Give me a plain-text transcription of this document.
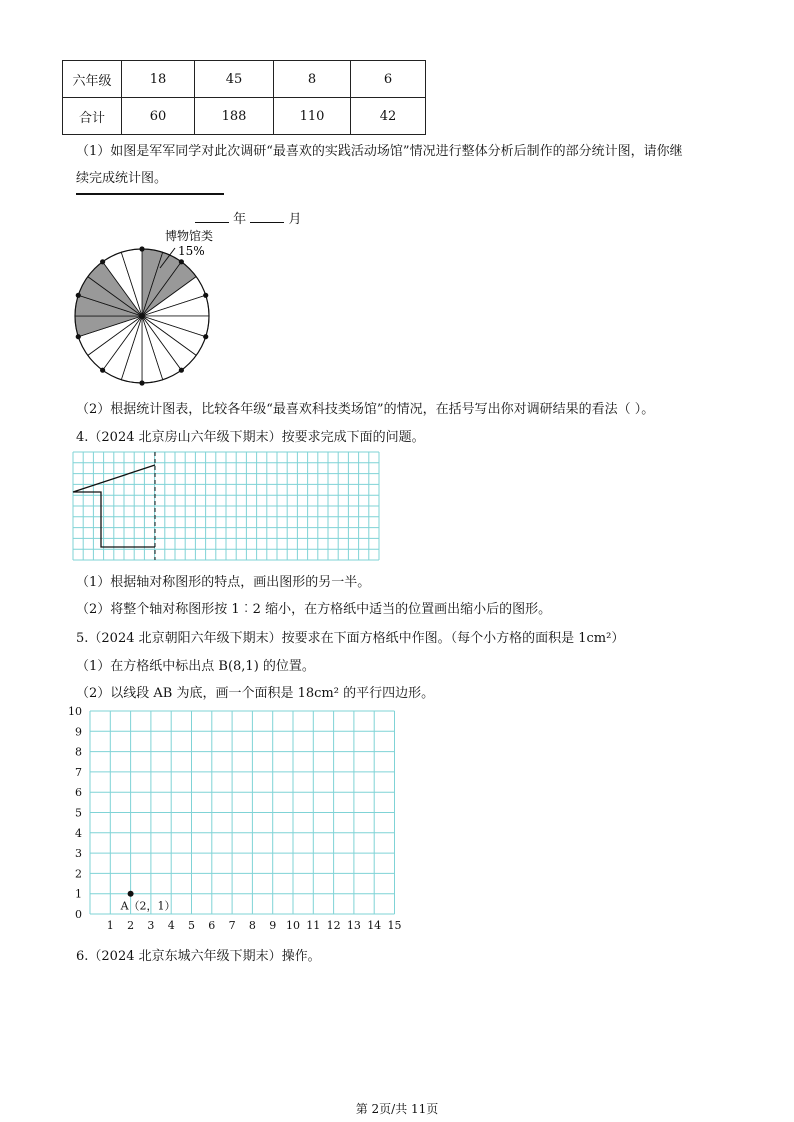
六年级	18	45	8	6
合计	60	188	110	42
（1）如图是军军同学对此次调研“最喜欢的实践活动场馆”情况进行整体分析后制作的部分统计图，请你继
续完成统计图。
年	月
博物馆类
15%
（2）根据统计图表，比较各年级“最喜欢科技类场馆”的情况，在括号写出你对调研结果的看法（ ）。
4.（2024 北京房山六年级下期末）按要求完成下面的问题。
（1）根据轴对称图形的特点，画出图形的另一半。
（2）将整个轴对称图形按 1︰2 缩小，在方格纸中适当的位置画出缩小后的图形。
5.（2024 北京朝阳六年级下期末）按要求在下面方格纸中作图。（每个小方格的面积是 1cm²）
（1）在方格纸中标出点 B(8,1) 的位置。
（2）以线段 AB 为底，画一个面积是 18cm² 的平行四边形。
0
1
2
3
4
5
6
7
8
9
10
1 2 3 4 5 6 7 8 9 10 11 12 13 14 15
A（2，1）
6.（2024 北京东城六年级下期末）操作。
第 2页/共 11页
